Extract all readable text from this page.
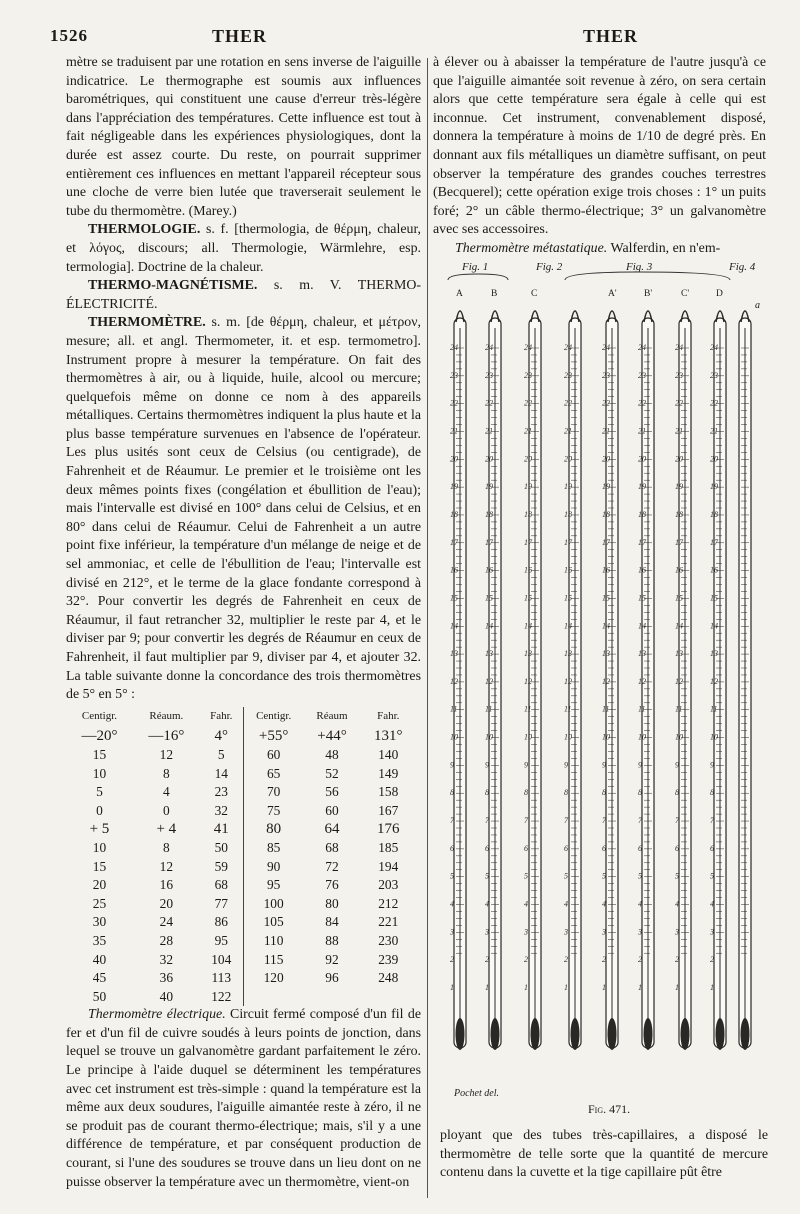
1526	THER	THER

mètre se traduisent par une rotation en sens inverse de l'aiguille indicatrice. Le thermographe est soumis aux influences barométriques, qui constituent une cause d'erreur très-légère dans l'appréciation des températures. Cette influence est tout à fait négligeable dans les expériences physiologiques, dont la durée est assez courte. Du reste, on pourrait supprimer entièrement ces influences en mettant l'appareil récepteur sous une cloche de verre bien lutée que traverserait seulement le tube du thermomètre. (Marey.)

THERMOLOGIE. s. f. [thermologia, de θέρμη, chaleur, et λόγος, discours; all. Thermologie, Wärmlehre, esp. termologia]. Doctrine de la chaleur.

THERMO-MAGNÉTISME. s. m. V. THERMO-ÉLECTRICITÉ.

THERMOMÈTRE. s. m. [de θέρμη, chaleur, et μέτρον, mesure; all. et angl. Thermometer, it. et esp. termometro]. Instrument propre à mesurer la température. On fait des thermomètres à air, ou à liquide, huile, alcool ou mercure; quelquefois même on donne ce nom à des appareils métalliques. Certains thermomètres indiquent la plus haute et la plus basse température survenues en l'absence de l'opérateur. Les plus usités sont ceux de Celsius (ou centigrade), de Fahrenheit et de Réaumur. Le premier et le troisième ont les deux mêmes points fixes (congélation et ébullition de l'eau); mais l'intervalle est divisé en 100° dans celui de Celsius, et en 80° dans celui de Réaumur. Celui de Fahrenheit a un autre point fixe inférieur, la température d'un mélange de neige et de sel ammoniac, et celle de l'ébullition de l'eau; l'intervalle est divisé en 212°, et le terme de la glace fondante correspond à 32°. Pour convertir les degrés de Fahrenheit en ceux de Réaumur, il faut retrancher 32, multiplier le reste par 4, et le diviser par 9; pour convertir les degrés de Réaumur en ceux de Fahrenheit, il faut multiplier par 9, diviser par 4, et ajouter 32. La table suivante donne la concordance des trois thermomètres de 5° en 5° :

Centigr.	Réaum.	Fahr.	Centigr.	Réaum	Fahr.
—20°	—16°	4°	+55°	+44°	131°
15	12	5	60	48	140
10	8	14	65	52	149
5	4	23	70	56	158
0	0	32	75	60	167
+ 5	+ 4	41	80	64	176
10	8	50	85	68	185
15	12	59	90	72	194
20	16	68	95	76	203
25	20	77	100	80	212
30	24	86	105	84	221
35	28	95	110	88	230
40	32	104	115	92	239
45	36	113	120	96	248
50	40	122			

Thermomètre électrique. Circuit fermé composé d'un fil de fer et d'un fil de cuivre soudés à leurs points de jonction, dans lequel se trouve un galvanomètre gardant parfaitement le zéro. Le principe à l'aide duquel se déterminent les températures avec cet instrument est très-simple : quand la température est la même aux deux soudures, l'aiguille aimantée reste à zéro, il ne se produit pas de courant thermo-électrique; mais, s'il y a une différence de température, et par conséquent production de courant, si l'une des soudures se trouve dans un lieu dont on ne puisse observer la température avec un thermomètre, vient-on

à élever ou à abaisser la température de l'autre jusqu'à ce que l'aiguille aimantée soit revenue à zéro, on sera certain alors que cette température sera égale à celle qui est inconnue. Cet instrument, convenablement disposé, donnera la température à moins de 1/10 de degré près. En donnant aux fils métalliques un diamètre suffisant, on peut observer la température des grandes couches terrestres (Becquerel); cette opération exige trois choses : 1° un puits foré; 2° un câble thermo-électrique; 3° un galvanomètre avec ses accessoires.

Thermomètre métastatique. Walferdin, en n'em-

Fig. 1	Fig. 2	Fig. 3	Fig. 4
A	B	C	A'	B'	C'	D
24
23
22
21
20
19
18
17
16
15
14
13
12
11
10
9
8
7
6
5
4
3
2
1
24
23
22
21
20
19
18
17
16
15
14
13
12
11
10
9
8
7
6
5
4
3
2
1
24
23
22
21
20
19
18
17
16
15
14
13
12
11
10
9
8
7
6
5
4
3
2
1
24
23
22
21
20
19
18
17
16
15
14
13
12
11
10
9
8
7
6
5
4
3
2
1
24
23
22
21
20
19
18
17
16
15
14
13
12
11
10
9
8
7
6
5
4
3
2
1
24
23
22
21
20
19
18
17
16
15
14
13
12
11
10
9
8
7
6
5
4
3
2
1
24
23
22
21
20
19
18
17
16
15
14
13
12
11
10
9
8
7
6
5
4
3
2
1
24
23
22
21
20
19
18
17
16
15
14
13
12
11
10
9
8
7
6
5
4
3
2
1
a
Pochet del.
Fig. 471.
ployant que des tubes très-capillaires, a disposé le thermomètre de telle sorte que la quantité de mercure contenu dans la cuvette et la tige capillaire pût être
